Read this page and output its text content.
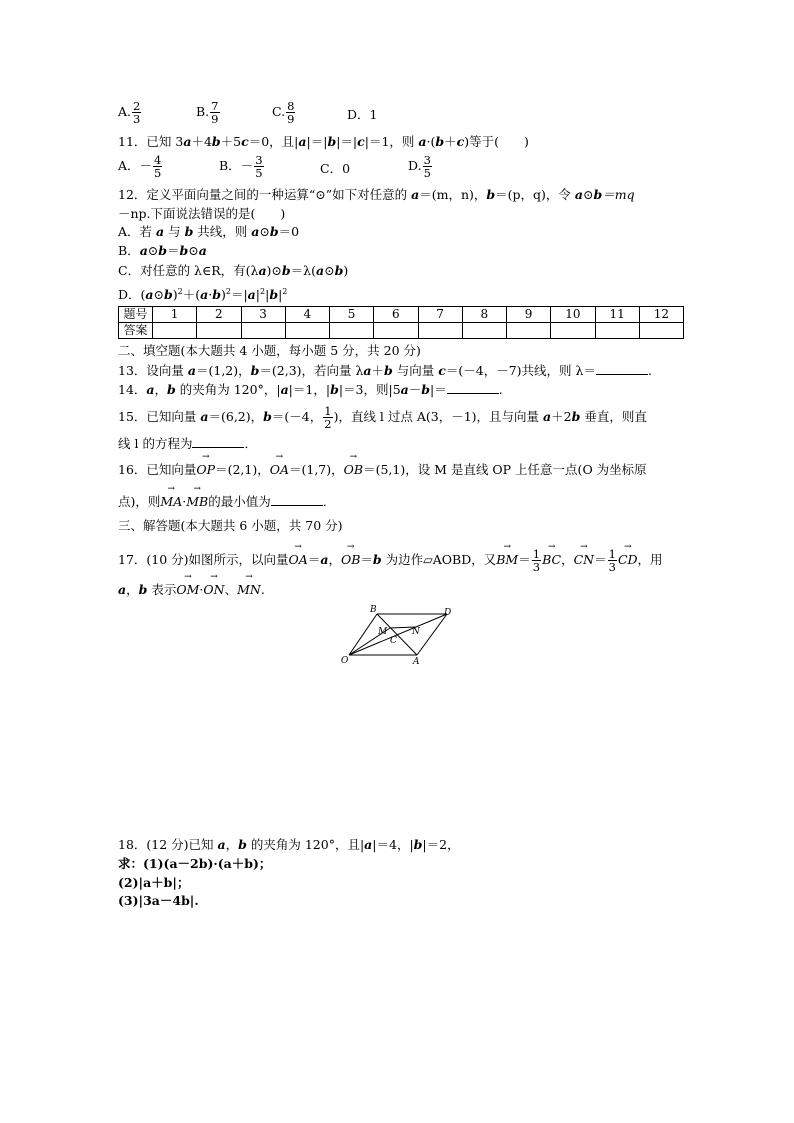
A. $\frac{2}{3}$	B. $\frac{7}{9}$	C. $\frac{8}{9}$	D．1
11．已知 3a＋4b＋5c＝0，且|a|＝|b|＝|c|＝1，则 a·(b＋c)等于(　　)
A．－ $\frac{4}{5}$	B．－ $\frac{3}{5}$	C．0	D. $\frac{3}{5}$
12．定义平面向量之间的一种运算“⊙”如下对任意的 a＝(m，n)，b＝(p，q)，令 a⊙b＝mq
－np.下面说法错误的是(　　)
A．若 a 与 b 共线，则 a⊙b＝0
B．a⊙b＝b⊙a
C．对任意的 λ∈R，有(λa)⊙b＝λ(a⊙b)
D．$(a⊙b)^2+(a\cdot b)^2=|a|^2|b|^2$
题号	1	2	3	4	5	6	7	8	9	10	11	12
答案												
二、填空题(本大题共 4 小题，每小题 5 分，共 20 分)
13．设向量 a＝(1,2)，b＝(2,3)，若向量 λa＋b 与向量 c＝(－4，－7)共线，则 λ＝	.
14．a，b 的夹角为 120°，|a|＝1，|b|＝3，则|5a－b|＝	.
15．已知向量 a＝(6,2)，b＝(－4， $\frac{1}{2}$ )，直线 l 过点 A(3，－1)，且与向量 a＋2b 垂直，则直
线 l 的方程为	．
16．已知向量→ OP＝(2,1)，→ OA＝(1,7)，→ OB＝(5,1)，设 M 是直线 OP 上任意一点(O 为坐标原
点)，则→ MA·→ MB的最小值为	．
三、解答题(本大题共 6 小题，共 70 分)
17．(10 分)如图所示，以向量→ OA＝a，→ OB＝b 为边作▱AOBD，又→ $BM= \frac{1}{3}$ → BC，→ $CN= \frac{1}{3}$ → CD，用
a，b 表示→ OM·→ ON、→ MN.
B	D
M	N
C
O	A
18．(12 分)已知 a，b 的夹角为 120°，且|a|＝4，|b|＝2，
求：(1)(a－2b)·(a＋b)；
(2)|a＋b|；
(3)|3a－4b|.
